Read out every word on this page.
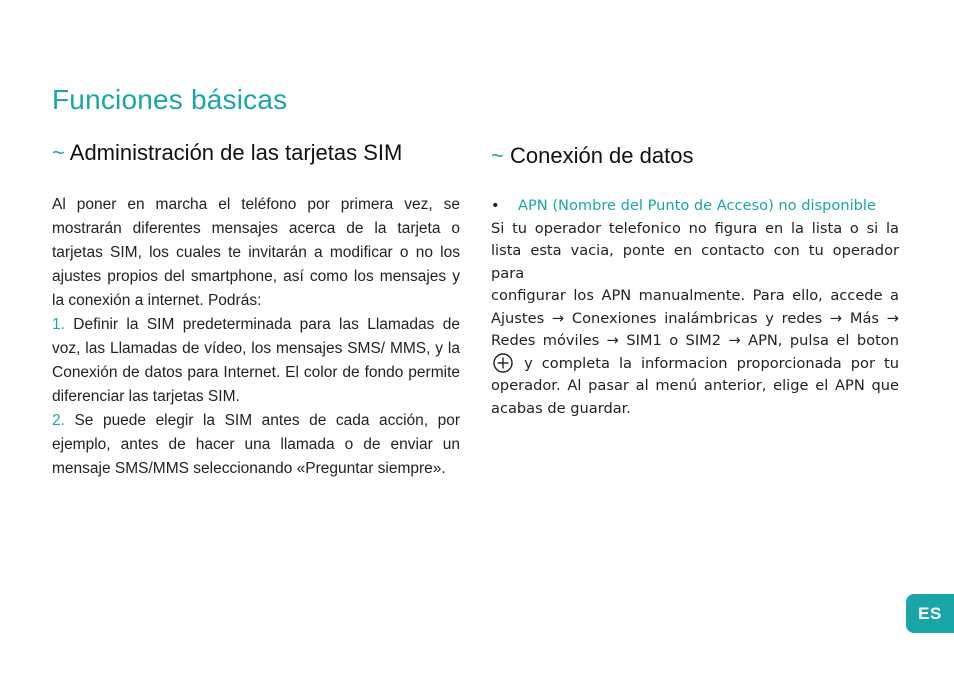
Funciones básicas
~ Administración de las tarjetas SIM	~ Conexión de datos

Al poner en marcha el teléfono por primera vez, se mostrarán diferentes mensajes acerca de la tarjeta o tarjetas SIM, los cuales te invitarán a modificar o no los ajustes propios del smartphone, así como los mensajes y la conexión a internet. Podrás:

1. Definir la SIM predeterminada para las Llamadas de voz, las Llamadas de vídeo, los mensajes SMS/ MMS, y la Conexión de datos para Internet. El color de fondo permite diferenciar las tarjetas SIM.

2. Se puede elegir la SIM antes de cada acción, por ejemplo, antes de hacer una llamada o de enviar un mensaje SMS/MMS seleccionando «Preguntar siempre».

• APN (Nombre del Punto de Acceso) no disponible

Si tu operador telefonico no figura en la lista o si la lista esta vacia, ponte en contacto con tu operador para

configurar los APN manualmente. Para ello, accede a Ajustes → Conexiones inalámbricas y redes → Más → Redes móviles → SIM1 o SIM2 → APN, pulsa el boton  y completa la informacion proporcionada por tu operador. Al pasar al menú anterior, elige el APN que acabas de guardar.

ES
